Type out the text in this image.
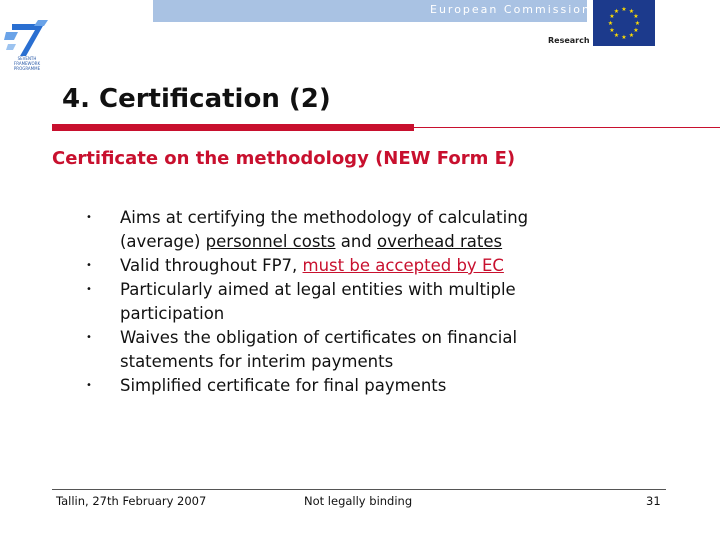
SEVENTH FRAMEWORK PROGRAMME
European Commission
Research
★ ★
★
★
★
★
★
★
★
★
★
★
4. Certification (2)
Certificate on the methodology (NEW Form E)
• Aims at certifying the methodology of calculating
(average) personnel costs and overhead rates
• Valid throughout FP7, must be accepted by EC
• Particularly aimed at legal entities with multiple
participation
• Waives the obligation of certificates on financial
statements for interim payments
• Simplified certificate for final payments
Tallin, 27th February 2007	Not legally binding	31
